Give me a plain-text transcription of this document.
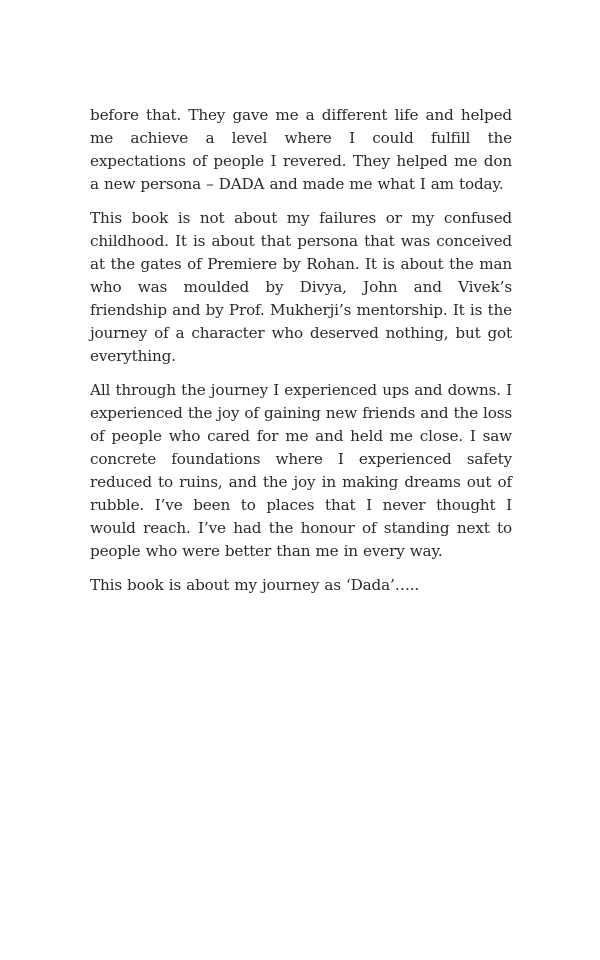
before that. They gave me a different life and helped me achieve a level where I could fulfill the expectations of people I revered. They helped me don a new persona – DADA and made me what I am today.

This book is not about my failures or my confused childhood. It is about that persona that was conceived at the gates of Premiere by Rohan. It is about the man who was moulded by Divya, John and Vivek’s friendship and by Prof. Mukherji’s mentorship. It is the journey of a character who deserved nothing, but got everything.

All through the journey I experienced ups and downs. I experienced the joy of gaining new friends and the loss of people who cared for me and held me close. I saw concrete foundations where I experienced safety reduced to ruins, and the joy in making dreams out of rubble. I’ve been to places that I never thought I would reach. I’ve had the honour of standing next to people who were better than me in every way.

This book is about my journey as ‘Dada’…..
